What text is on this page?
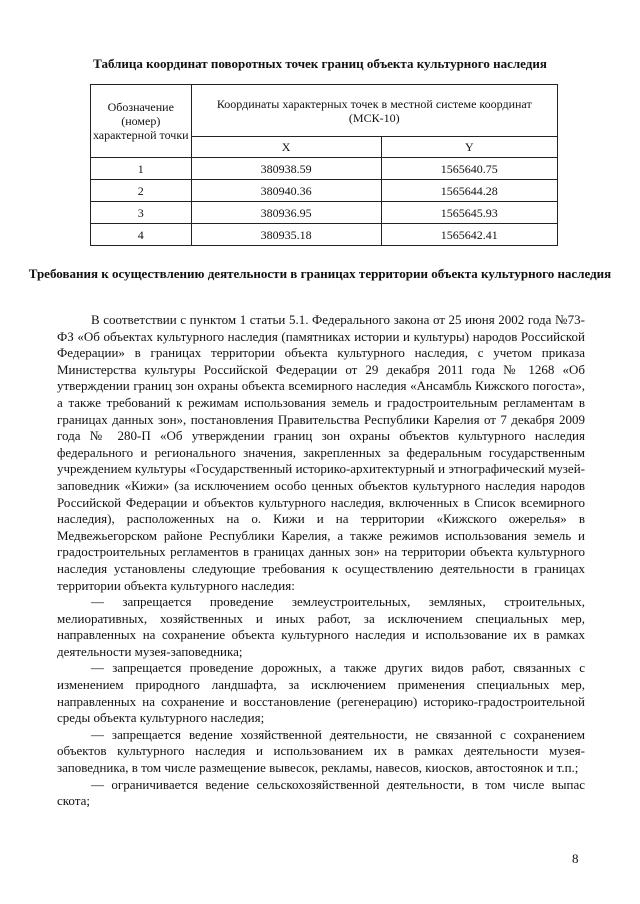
Таблица координат поворотных точек границ объекта культурного наследия
Обозначение (номер) характерной точки	Координаты характерных точек в местной системе координат (МСК-10)	
	X	Y
1	380938.59	1565640.75
2	380940.36	1565644.28
3	380936.95	1565645.93
4	380935.18	1565642.41
Требования к осуществлению деятельности в границах территории объекта культурного наследия

В соответствии с пунктом 1 статьи 5.1. Федерального закона от 25 июня 2002 года №73-ФЗ «Об объектах культурного наследия (памятниках истории и культуры) народов Российской Федерации» в границах территории объекта культурного наследия, с учетом приказа Министерства культуры Российской Федерации от 29 декабря 2011 года № 1268 «Об утверждении границ зон охраны объекта всемирного наследия «Ансамбль Кижского погоста», а также требований к режимам использования земель и градостроительным регламентам в границах данных зон», постановления Правительства Республики Карелия от 7 декабря 2009 года № 280-П «Об утверждении границ зон охраны объектов культурного наследия федерального и регионального значения, закрепленных за федеральным государственным учреждением культуры «Государственный историко-архитектурный и этнографический музей-заповедник «Кижи» (за исключением особо ценных объектов культурного наследия народов Российской Федерации и объектов культурного наследия, включенных в Список всемирного наследия), расположенных на о. Кижи и на территории «Кижского ожерелья» в Медвежьегорском районе Республики Карелия, а также режимов использования земель и градостроительных регламентов в границах данных зон» на территории объекта культурного наследия установлены следующие требования к осуществлению деятельности в границах территории объекта культурного наследия:

— запрещается проведение землеустроительных, земляных, строительных, мелиоративных, хозяйственных и иных работ, за исключением специальных мер, направленных на сохранение объекта культурного наследия и использование их в рамках деятельности музея-заповедника;

— запрещается проведение дорожных, а также других видов работ, связанных с изменением природного ландшафта, за исключением применения специальных мер, направленных на сохранение и восстановление (регенерацию) историко-градостроительной среды объекта культурного наследия;

— запрещается ведение хозяйственной деятельности, не связанной с сохранением объектов культурного наследия и использованием их в рамках деятельности музея-заповедника, в том числе размещение вывесок, рекламы, навесов, киосков, автостоянок и т.п.;

— ограничивается ведение сельскохозяйственной деятельности, в том числе выпас скота;

8
